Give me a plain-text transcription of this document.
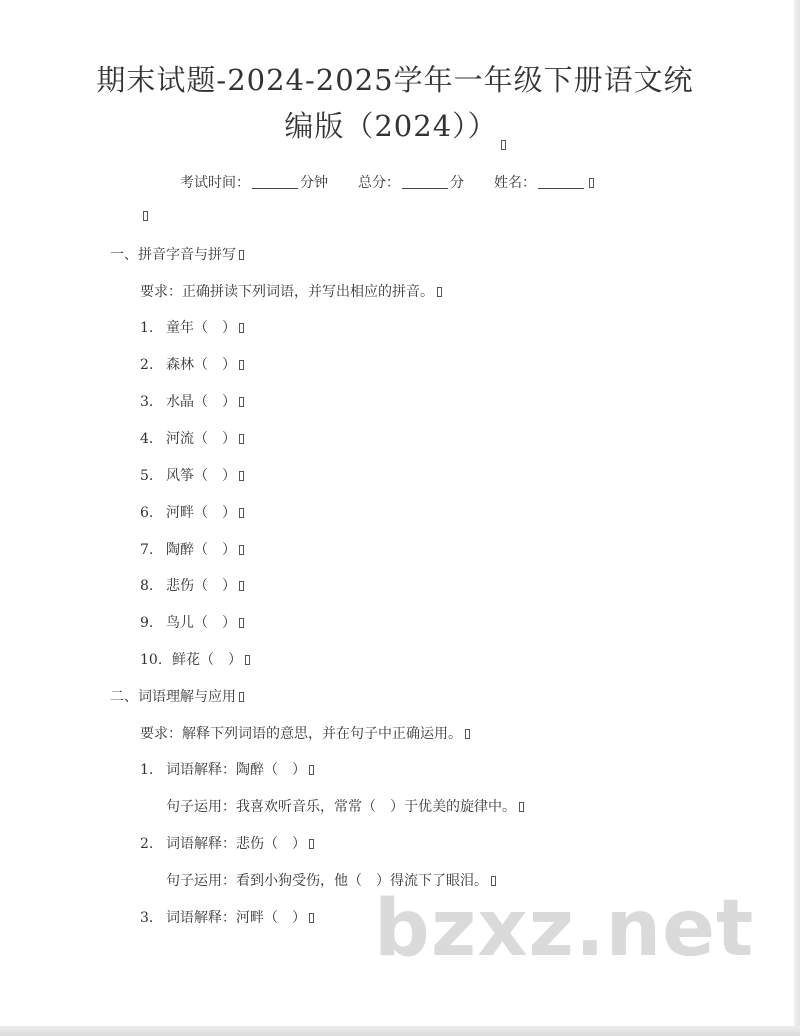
期末试题-2024-2025学年一年级下册语文统
编版（2024））
考试时间：	分钟 总分：	分 姓名：
一、拼音字音与拼写
要求：正确拼读下列词语，并写出相应的拼音。
1. 童年（　）
2. 森林（　）
3. 水晶（　）
4. 河流（　）
5. 风筝（　）
6. 河畔（　）
7. 陶醉（　）
8. 悲伤（　）
9. 鸟儿（　）
10. 鲜花（　）
二、词语理解与应用
要求：解释下列词语的意思，并在句子中正确运用。
1. 词语解释：陶醉（　）
句子运用：我喜欢听音乐，常常（　）于优美的旋律中。
2. 词语解释：悲伤（　）
句子运用：看到小狗受伤，他（　）得流下了眼泪。
3. 词语解释：河畔（　） bzxz.net
